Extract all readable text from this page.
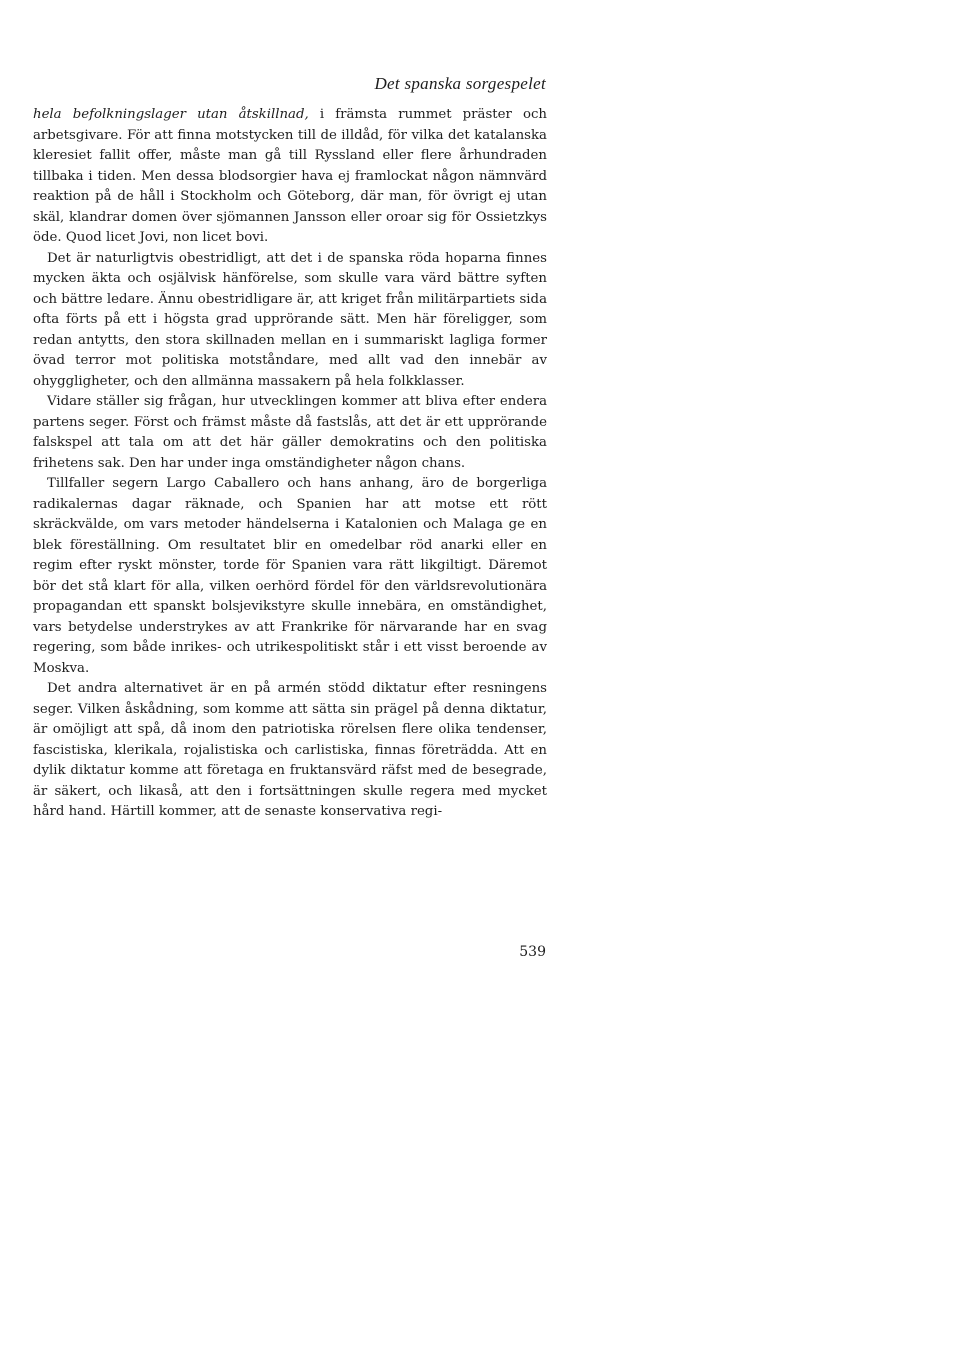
Det spanska sorgespelet

hela befolkningslager utan åtskillnad, i främsta rummet präster och arbetsgivare. För att finna motstycken till de illdåd, för vilka det katalanska kleresiet fallit offer, måste man gå till Ryssland eller flere århundraden tillbaka i tiden. Men dessa blodsorgier hava ej framlockat någon nämnvärd reaktion på de håll i Stockholm och Göteborg, där man, för övrigt ej utan skäl, klandrar domen över sjömannen Jansson eller oroar sig för Ossietzkys öde. Quod licet Jovi, non licet bovi.

Det är naturligtvis obestridligt, att det i de spanska röda hoparna finnes mycken äkta och osjälvisk hänförelse, som skulle vara värd bättre syften och bättre ledare. Ännu obestridligare är, att kriget från militärpartiets sida ofta förts på ett i högsta grad upprörande sätt. Men här föreligger, som redan antytts, den stora skillnaden mellan en i summariskt lagliga former övad terror mot politiska motståndare, med allt vad den innebär av ohyggligheter, och den allmänna massakern på hela folkklasser.

Vidare ställer sig frågan, hur utvecklingen kommer att bliva efter endera partens seger. Först och främst måste då fastslås, att det är ett upprörande falskspel att tala om att det här gäller demokratins och den politiska frihetens sak. Den har under inga omständigheter någon chans.

Tillfaller segern Largo Caballero och hans anhang, äro de borgerliga radikalernas dagar räknade, och Spanien har att motse ett rött skräckvälde, om vars metoder händelserna i Katalonien och Malaga ge en blek föreställning. Om resultatet blir en omedelbar röd anarki eller en regim efter ryskt mönster, torde för Spanien vara rätt likgiltigt. Däremot bör det stå klart för alla, vilken oerhörd fördel för den världsrevolutionära propagandan ett spanskt bolsjevikstyre skulle innebära, en omständighet, vars betydelse understrykes av att Frankrike för närvarande har en svag regering, som både inrikes- och utrikespolitiskt står i ett visst beroende av Moskva.

Det andra alternativet är en på armén stödd diktatur efter resningens seger. Vilken åskådning, som komme att sätta sin prägel på denna diktatur, är omöjligt att spå, då inom den patriotiska rörelsen flere olika tendenser, fascistiska, klerikala, rojalistiska och carlistiska, finnas företrädda. Att en dylik diktatur komme att företaga en fruktansvärd räfst med de besegrade, är säkert, och likaså, att den i fortsättningen skulle regera med mycket hård hand. Härtill kommer, att de senaste konservativa regi-

539
